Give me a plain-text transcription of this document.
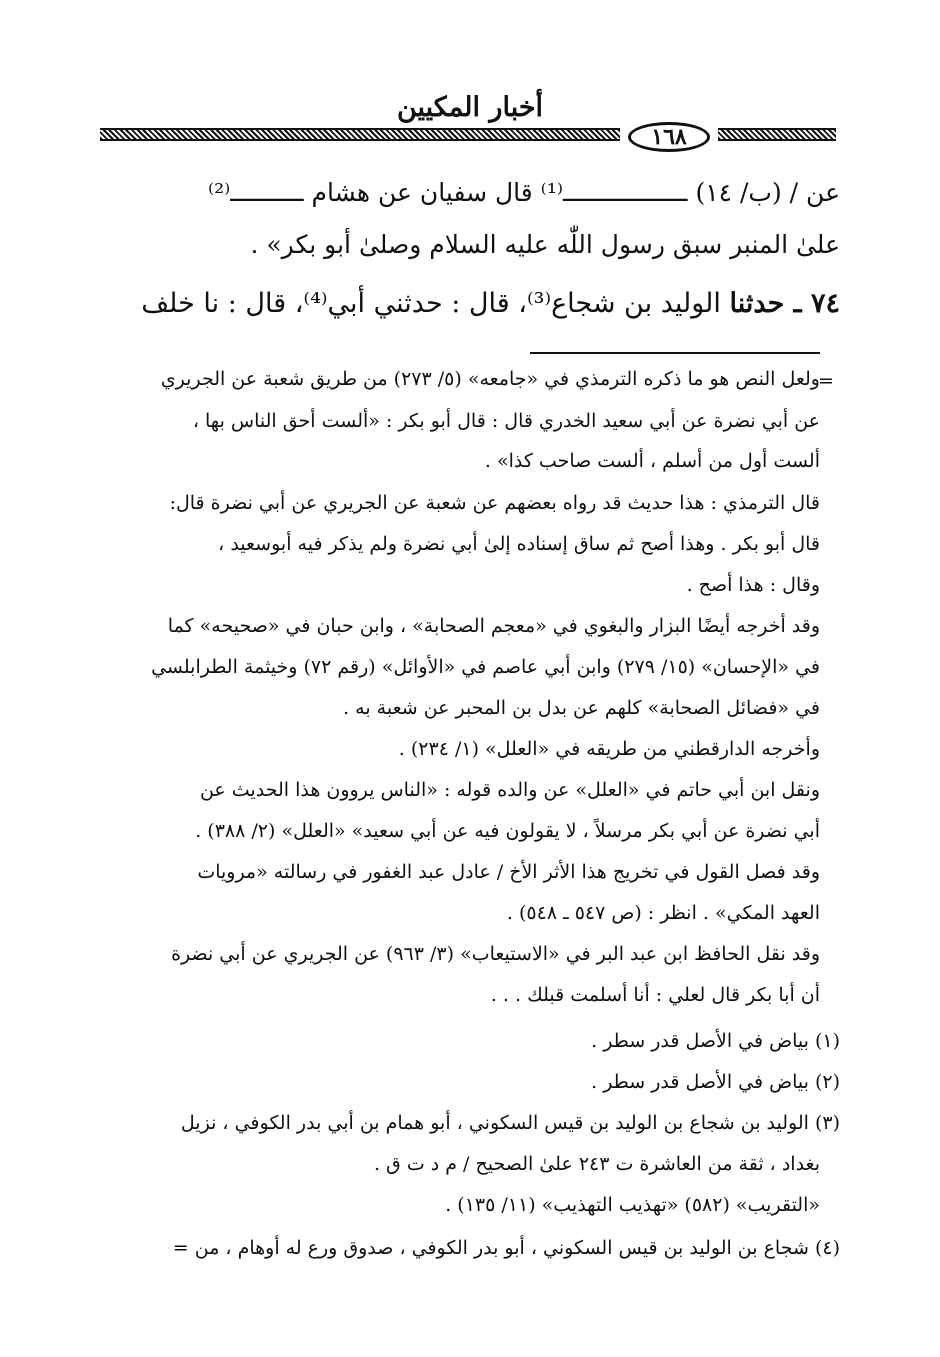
أخبار المكيين
١٦٨
عن / (ب/ ١٤) ـــــــــــــــــ⁽¹⁾ قال سفيان عن هشام ــــــــــ⁽²⁾
علىٰ المنبر سبق رسول اللّٰه عليه السلام وصلىٰ أبو بكر» .
٧٤ ـ حدثنا الوليد بن شجاع⁽³⁾، قال : حدثني أبي⁽⁴⁾، قال : نا خلف
=
ولعل النص هو ما ذكره الترمذي في «جامعه» (٥/ ٢٧٣) من طريق شعبة عن الجريري
عن أبي نضرة عن أبي سعيد الخدري قال : قال أبو بكر : «ألست أحق الناس بها ،
ألست أول من أسلم ، ألست صاحب كذا» .
قال الترمذي : هذا حديث قد رواه بعضهم عن شعبة عن الجريري عن أبي نضرة قال:
قال أبو بكر . وهذا أصح ثم ساق إسناده إلىٰ أبي نضرة ولم يذكر فيه أبوسعيد ،
وقال : هذا أصح .
وقد أخرجه أيضًا البزار والبغوي في «معجم الصحابة» ، وابن حبان في «صحيحه» كما
في «الإحسان» (١٥/ ٢٧٩) وابن أبي عاصم في «الأوائل» (رقم ٧٢) وخيثمة الطرابلسي
في «فضائل الصحابة» كلهم عن بدل بن المحبر عن شعبة به .
وأخرجه الدارقطني من طريقه في «العلل» (١/ ٢٣٤) .
ونقل ابن أبي حاتم في «العلل» عن والده قوله : «الناس يروون هذا الحديث عن
أبي نضرة عن أبي بكر مرسلاً ، لا يقولون فيه عن أبي سعيد» «العلل» (٢/ ٣٨٨) .
وقد فصل القول في تخريج هذا الأثر الأخ / عادل عبد الغفور في رسالته «مرويات
العهد المكي» . انظر : (ص ٥٤٧ ـ ٥٤٨) .
وقد نقل الحافظ ابن عبد البر في «الاستيعاب» (٣/ ٩٦٣) عن الجريري عن أبي نضرة
أن أبا بكر قال لعلي : أنا أسلمت قبلك . . .
(١) بياض في الأصل قدر سطر .
(٢) بياض في الأصل قدر سطر .
(٣) الوليد بن شجاع بن الوليد بن قيس السكوني ، أبو همام بن أبي بدر الكوفي ، نزيل
بغداد ، ثقة من العاشرة ت ٢٤٣ علىٰ الصحيح / م د ت ق .
«التقريب» (٥٨٢) «تهذيب التهذيب» (١١/ ١٣٥) .
(٤) شجاع بن الوليد بن قيس السكوني ، أبو بدر الكوفي ، صدوق ورع له أوهام ، من =
